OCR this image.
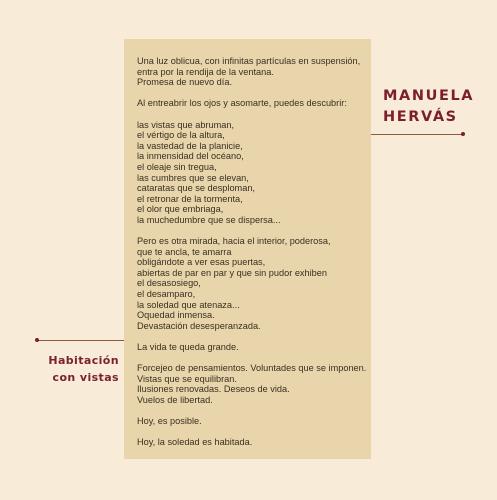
Una luz oblicua, con infinitas partículas en suspensión,
entra por la rendija de la ventana.
Promesa de nuevo día.
Al entreabrir los ojos y asomarte, puedes descubrir:
las vistas que abruman,
el vértigo de la altura,
la vastedad de la planicie,
la inmensidad del océano,
el oleaje sin tregua,
las cumbres que se elevan,
cataratas que se desploman,
el retronar de la tormenta,
el olor que embriaga,
la muchedumbre que se dispersa...
Pero es otra mirada, hacia el interior, poderosa,
que te ancla, te amarra
obligándote a ver esas puertas,
abiertas de par en par y que sin pudor exhiben
el desasosiego,
el desamparo,
la soledad que atenaza...
Oquedad inmensa.
Devastación desesperanzada.
La vida te queda grande.
Forcejeo de pensamientos. Voluntades que se imponen.
Vistas que se equilibran.
Ilusiones renovadas. Deseos de vida.
Vuelos de libertad.
Hoy, es posible.
Hoy, la soledad es habitada.
MANUELA
HERVÁS
Habitación
con vistas
